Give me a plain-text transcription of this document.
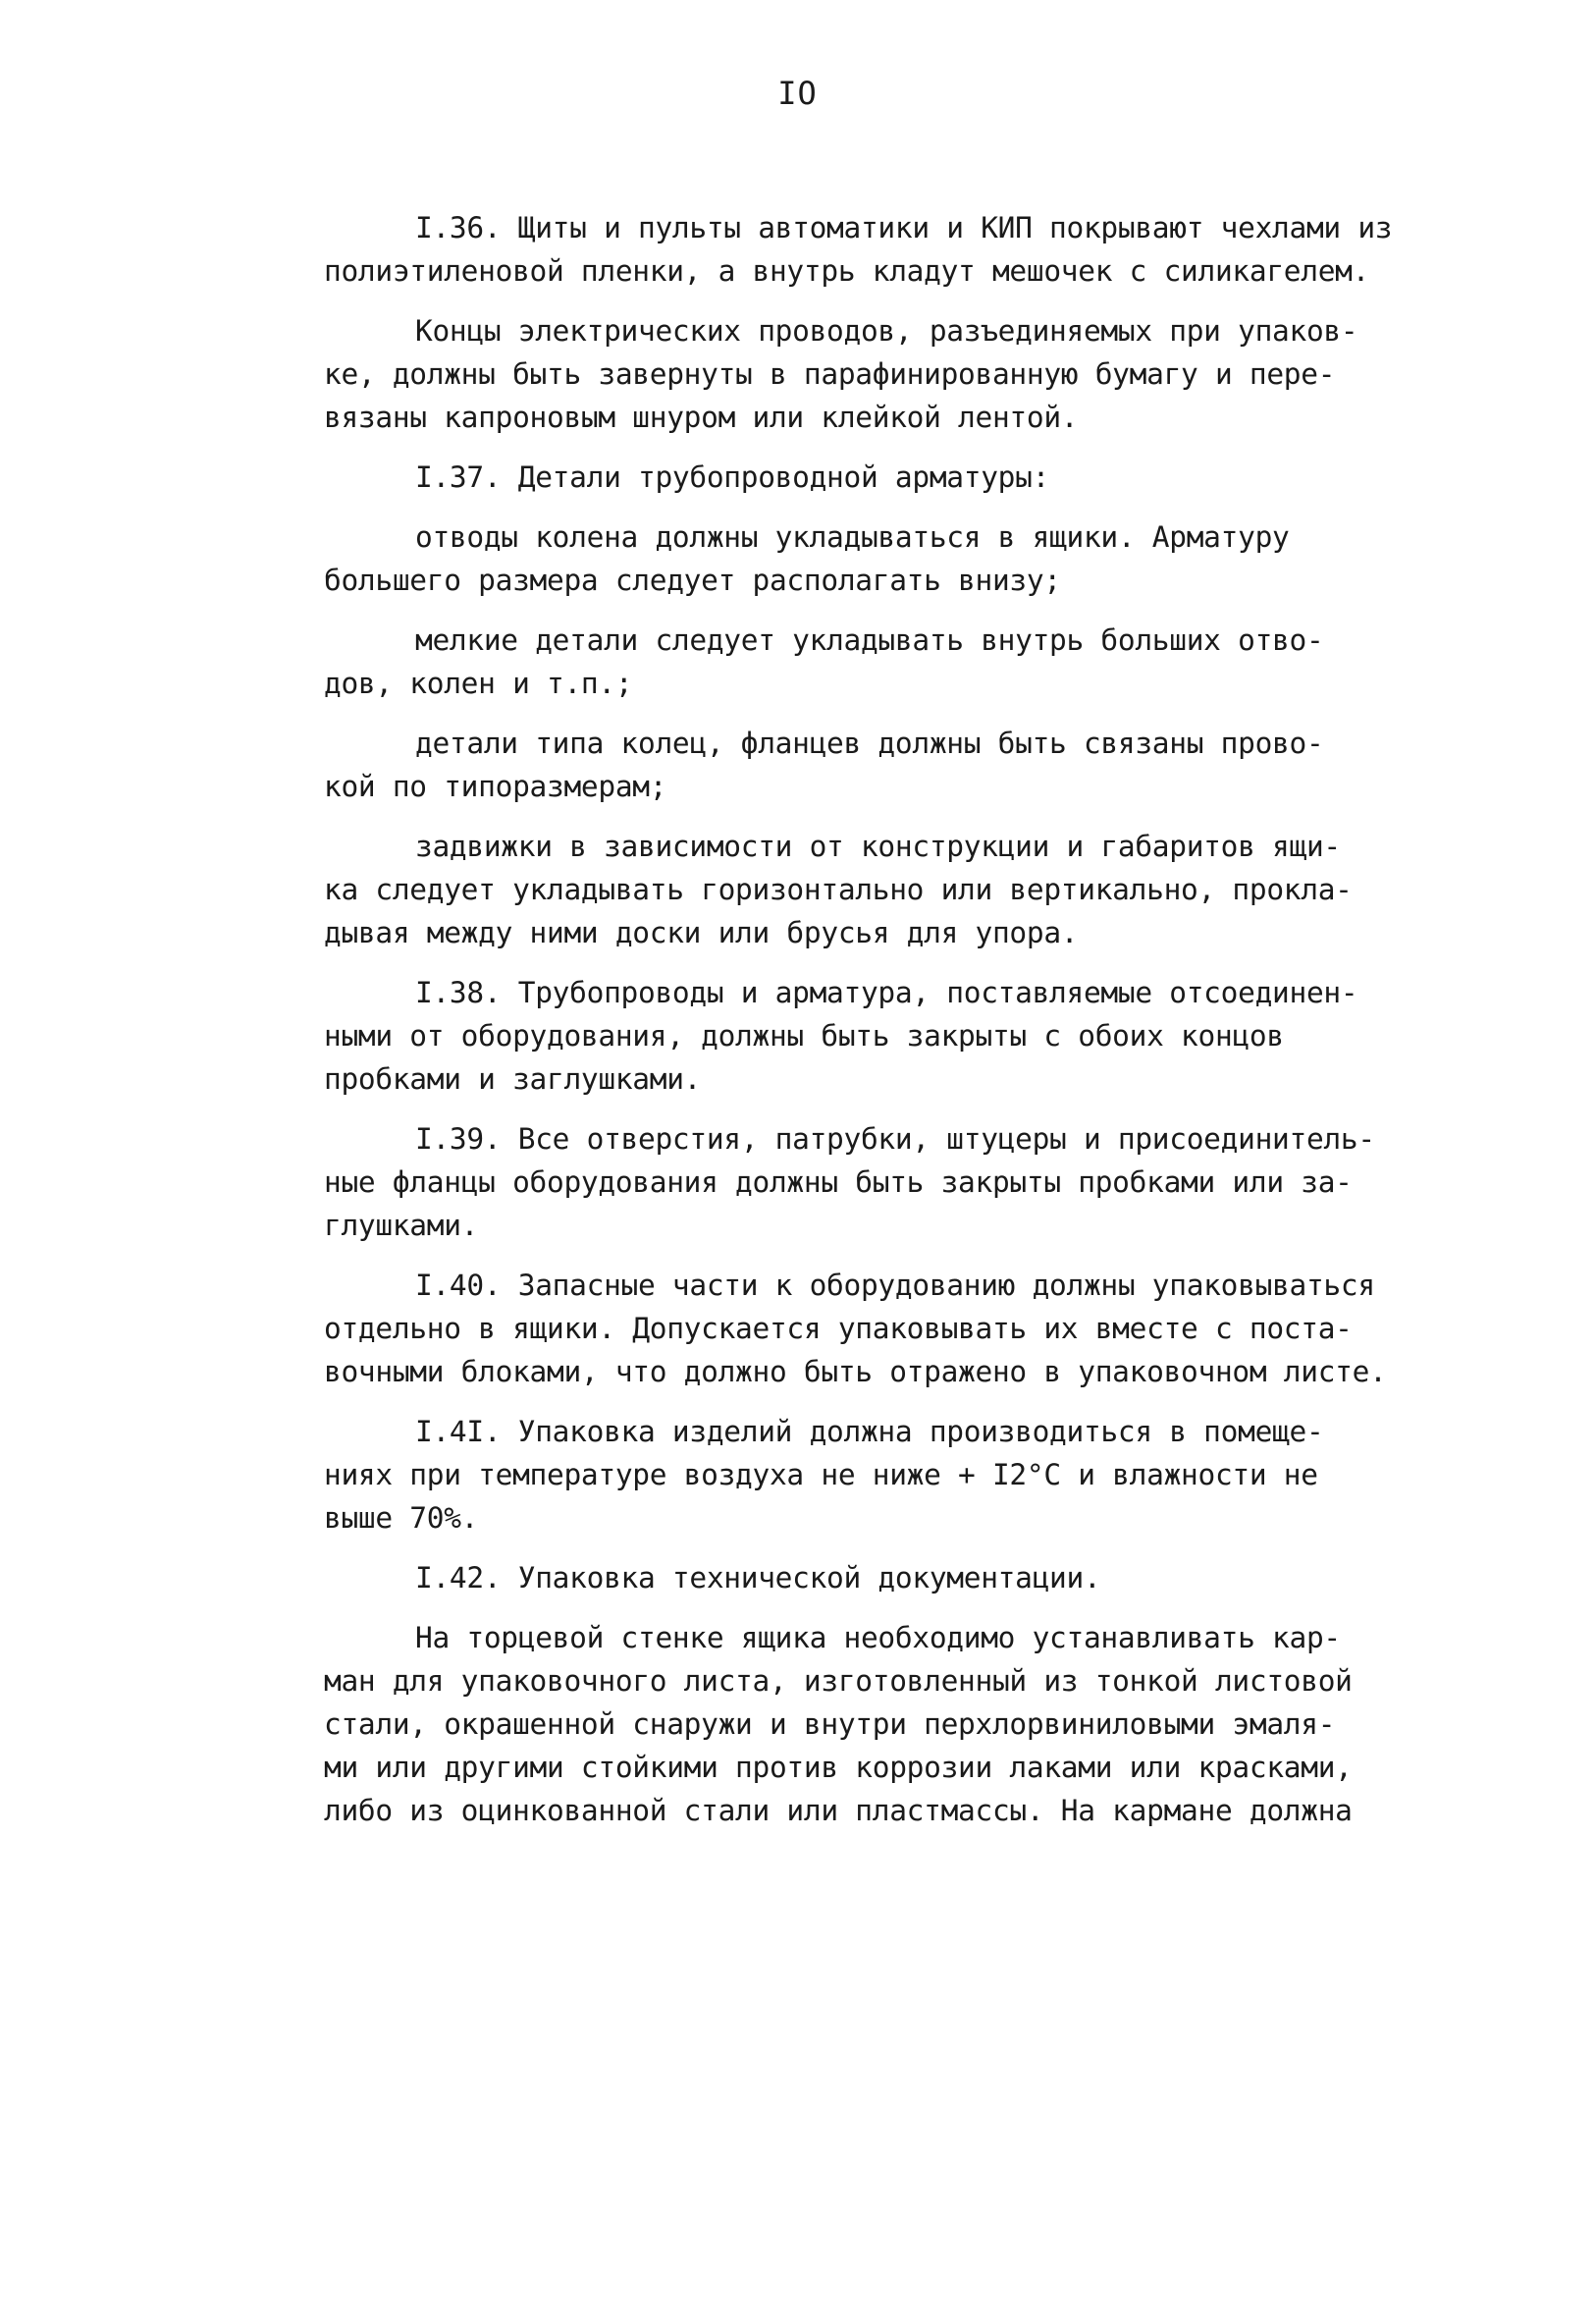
IO

I.36. Щиты и пульты автоматики и КИП покрывают чехлами из
полиэтиленовой пленки, а внутрь кладут мешочек с силикагелем.

Концы электрических проводов, разъединяемых при упаков-
ке, должны быть завернуты в парафинированную бумагу и пере-
вязаны капроновым шнуром или клейкой лентой.

I.37. Детали трубопроводной арматуры:

отводы колена должны укладываться в ящики. Арматуру
большего размера следует располагать внизу;

мелкие детали следует укладывать внутрь больших отво-
дов, колен и т.п.;

детали типа колец, фланцев должны быть связаны прово-
кой по типоразмерам;

задвижки в зависимости от конструкции и габаритов ящи-
ка следует укладывать горизонтально или вертикально, прокла-
дывая между ними доски или брусья для упора.

I.38. Трубопроводы и арматура, поставляемые отсоединен-
ными от оборудования, должны быть закрыты с обоих концов
пробками и заглушками.

I.39. Все отверстия, патрубки, штуцеры и присоединитель-
ные фланцы оборудования должны быть закрыты пробками или за-
глушками.

I.40. Запасные части к оборудованию должны упаковываться
отдельно в ящики. Допускается упаковывать их вместе с поста-
вочными блоками, что должно быть отражено в упаковочном листе.

I.4I. Упаковка изделий должна производиться в помеще-
ниях при температуре воздуха не ниже + I2°С и влажности не
выше 70%.

I.42. Упаковка технической документации.

На торцевой стенке ящика необходимо устанавливать кар-
ман для упаковочного листа, изготовленный из тонкой листовой
стали, окрашенной снаружи и внутри перхлорвиниловыми эмаля-
ми или другими стойкими против коррозии лаками или красками,
либо из оцинкованной стали или пластмассы. На кармане должна
